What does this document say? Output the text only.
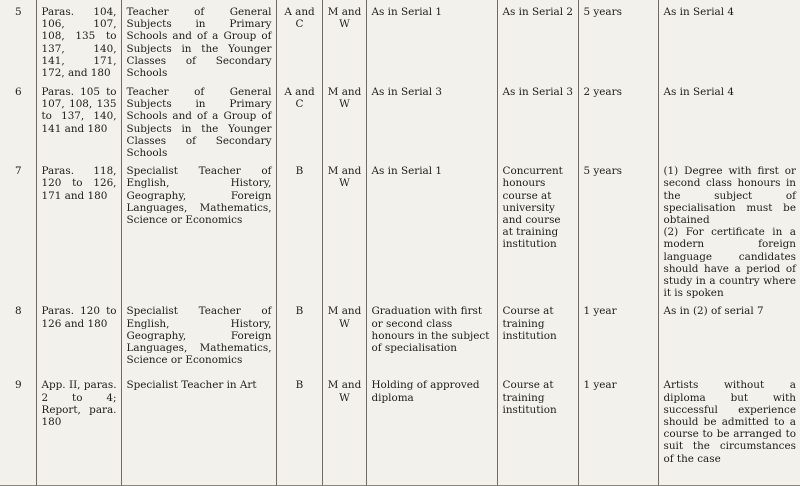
5	Paras. 104, 106, 107, 108, 135 to 137, 140, 141, 171, 172, and 180	Teacher of General Subjects in Primary Schools and of a Group of Subjects in the Younger Classes of Secondary Schools	A and C	M and W	As in Serial 1	As in Serial 2	5 years	As in Serial 4

6	Paras. 105 to 107, 108, 135 to 137, 140, 141 and 180	Teacher of General Subjects in Primary Schools and of a Group of Subjects in the Younger Classes of Secondary Schools	A and C	M and W	As in Serial 3	As in Serial 3	2 years	As in Serial 4

7	Paras. 118, 120 to 126, 171 and 180	Specialist Teacher of English, History, Geography, Foreign Languages, Mathematics, Science or Economics	B	M and W	As in Serial 1	Concurrent honours course at university and course at training institution	5 years	(1) Degree with first or second class honours in the subject of specialisation must be obtained
(2) For certificate in a modern foreign language candidates should have a period of study in a country where it is spoken

8	Paras. 120 to 126 and 180	Specialist Teacher of English, History, Geography, Foreign Languages, Mathematics, Science or Economics	B	M and W	Graduation with first or second class honours in the subject of specialisation	Course at training institution	1 year	As in (2) of serial 7

9	App. II, paras. 2 to 4; Report, para. 180	Specialist Teacher in Art	B	M and W	Holding of approved diploma	Course at training institution	1 year	Artists without a diploma but with successful experience should be admitted to a course to be arranged to suit the circumstances of the case
